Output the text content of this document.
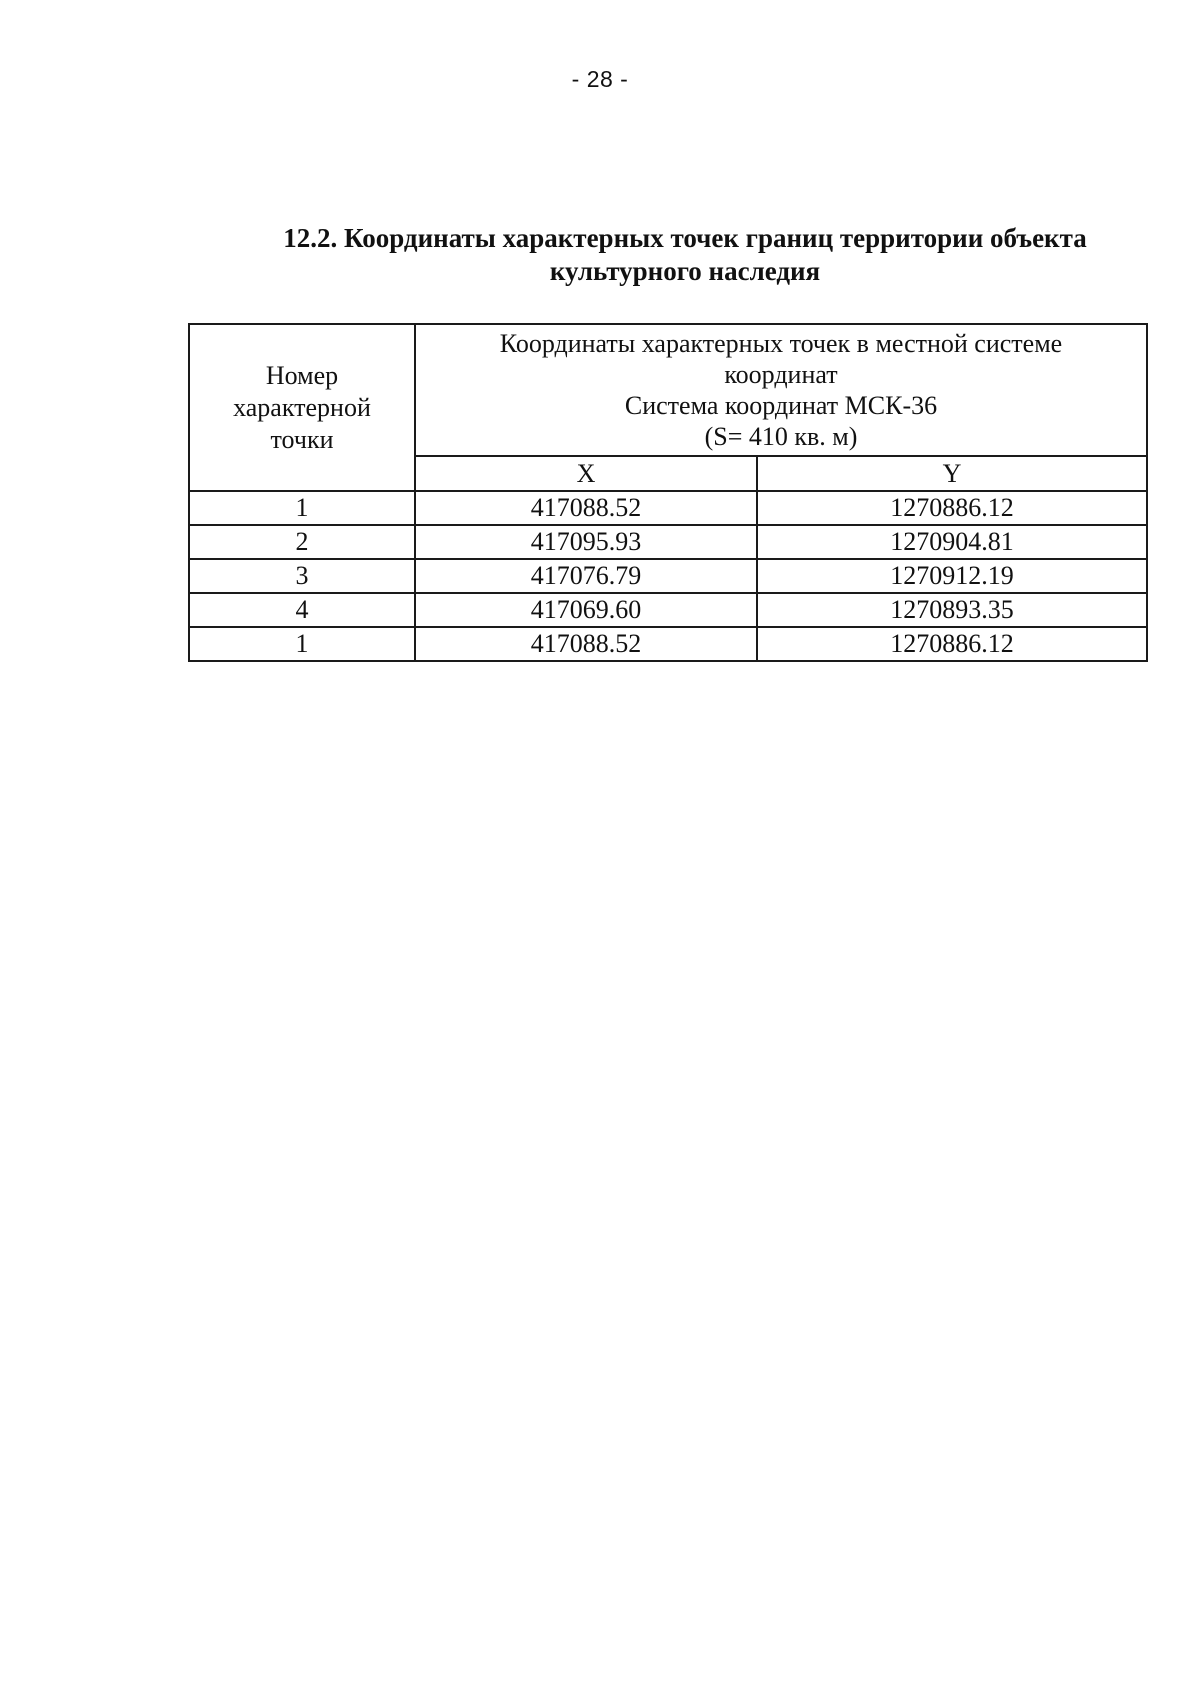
- 28 -
12.2. Координаты характерных точек границ территории объекта культурного наследия
Номер
характерной
точки	Координаты характерных точек в местной системе
координат
Система координат МСК-36
(S= 410 кв. м)	
	X	Y
1	417088.52	1270886.12
2	417095.93	1270904.81
3	417076.79	1270912.19
4	417069.60	1270893.35
1	417088.52	1270886.12
